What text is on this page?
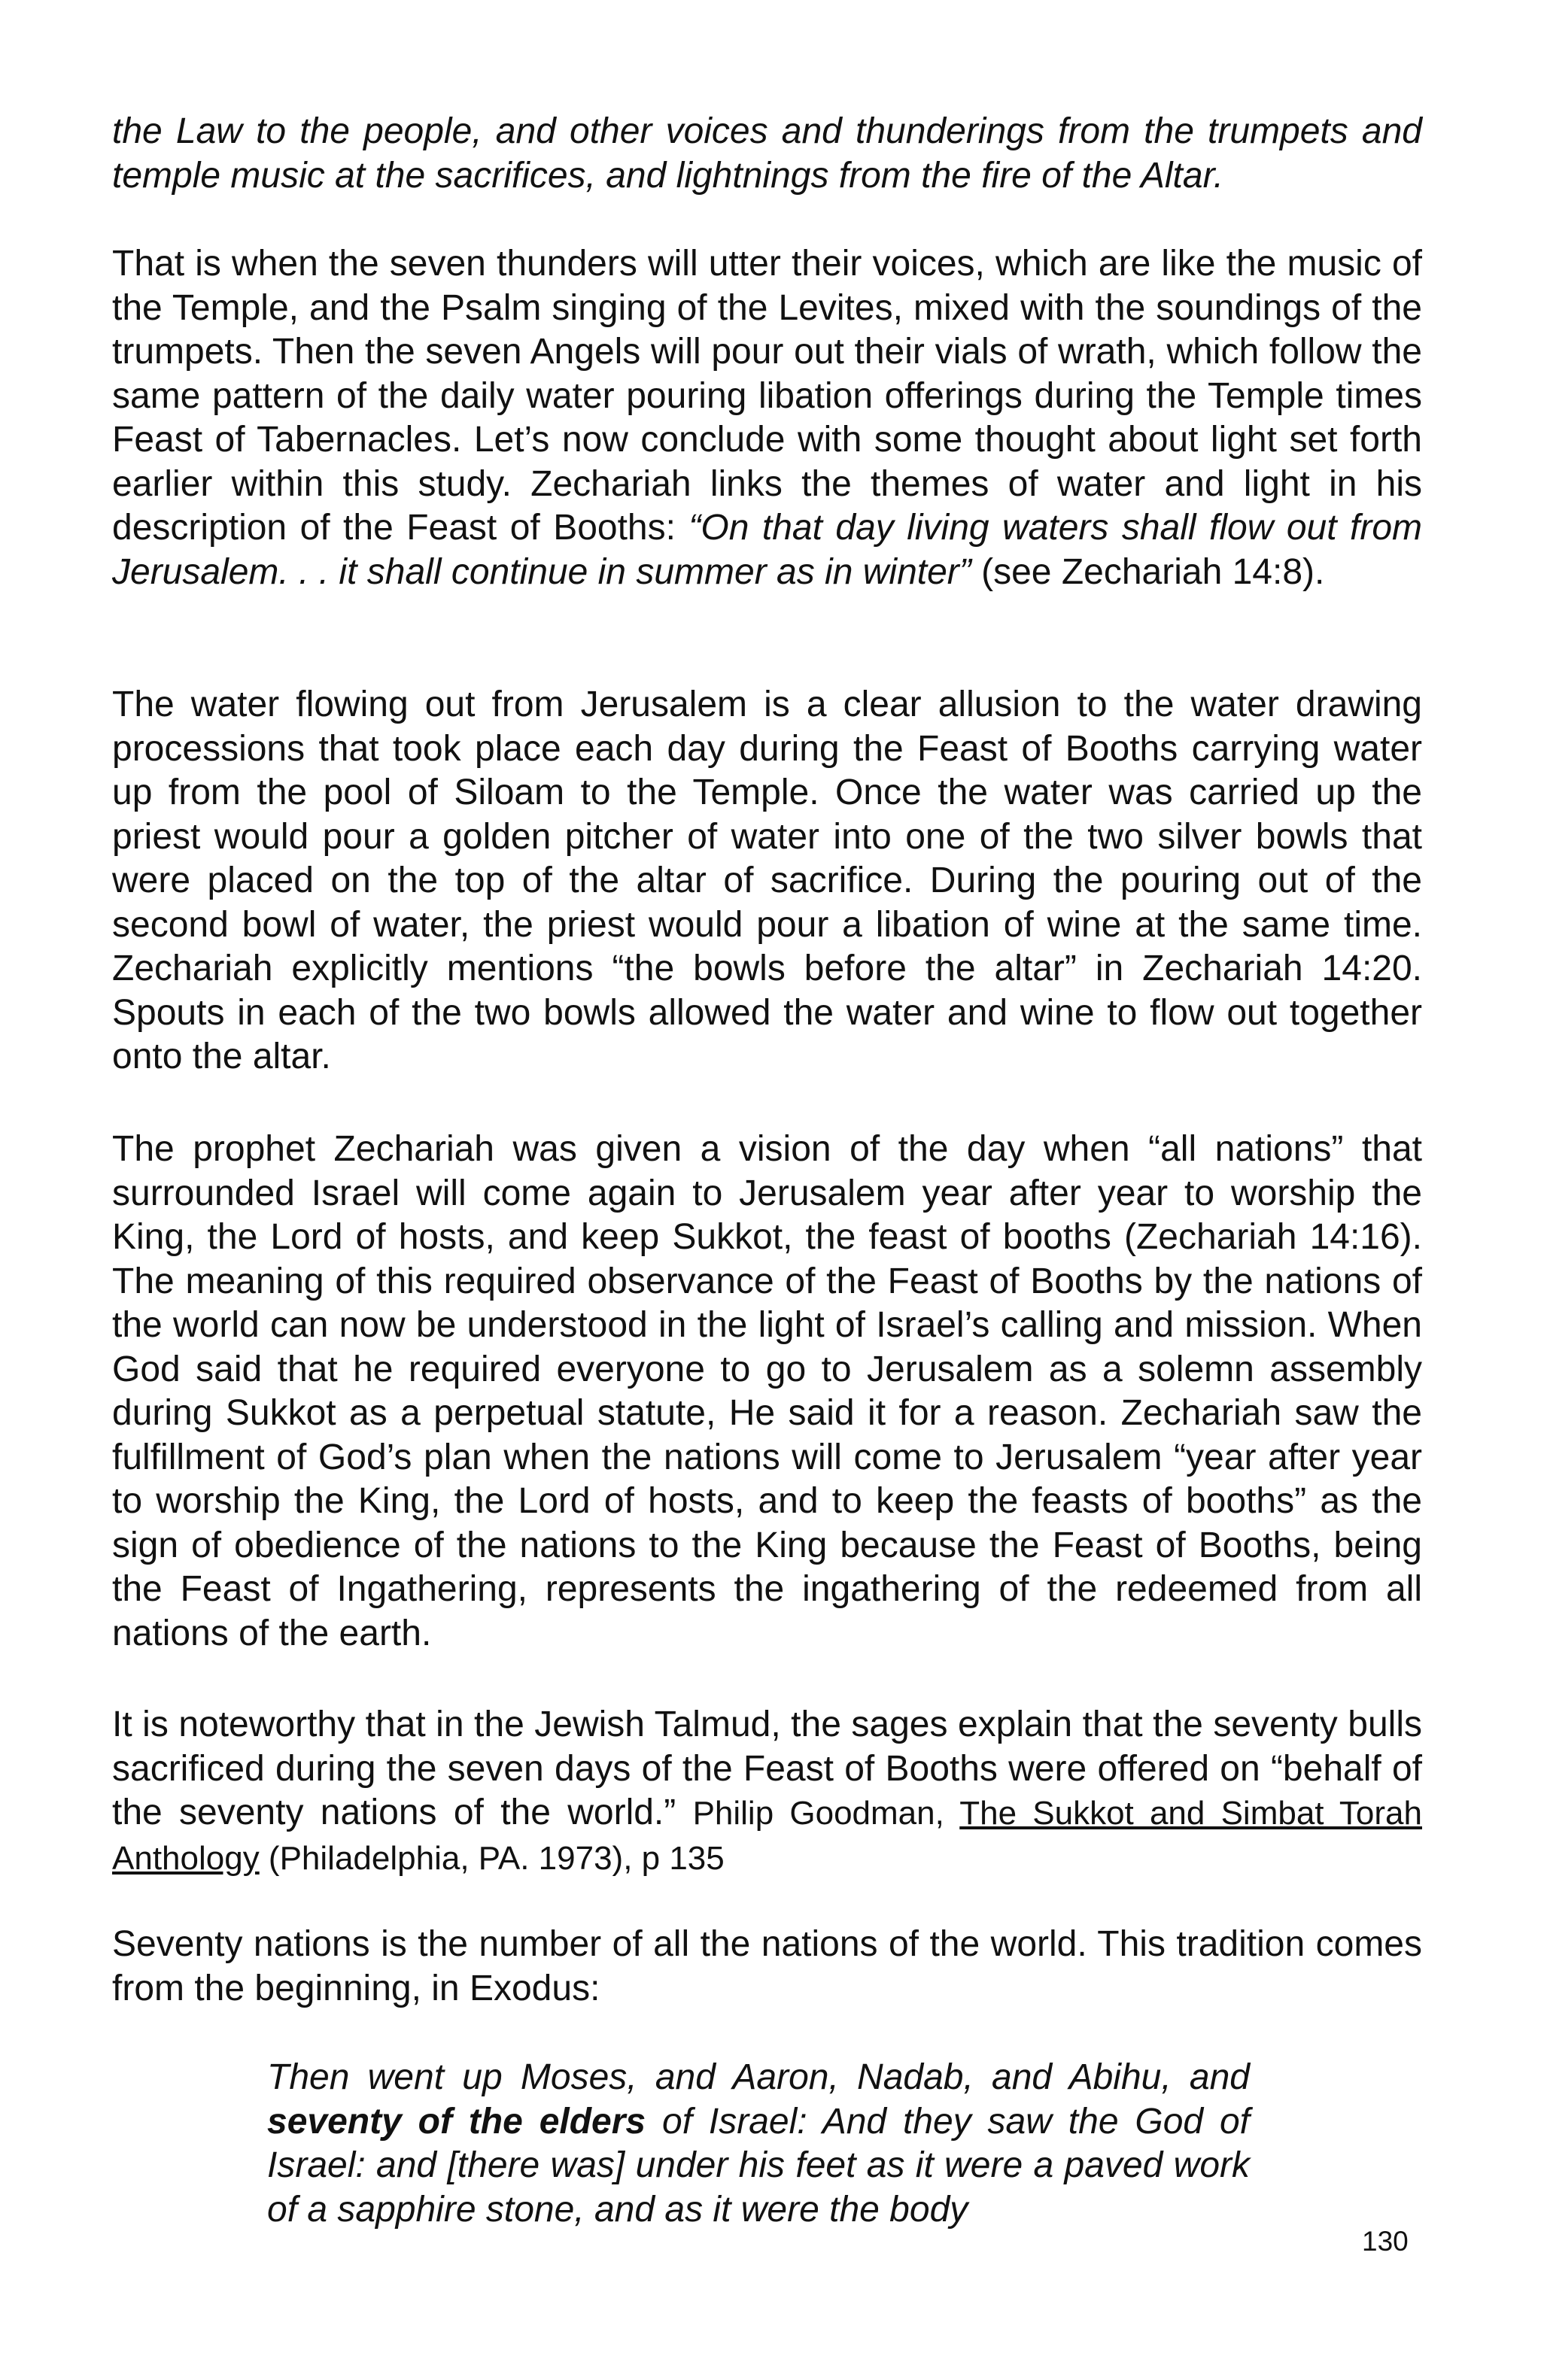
the Law to the people, and other voices and thunderings from the trumpets and temple music at the sacrifices, and lightnings from the fire of the Altar.

That is when the seven thunders will utter their voices, which are like the music of the Temple, and the Psalm singing of the Levites, mixed with the soundings of the trumpets. Then the seven Angels will pour out their vials of wrath, which follow the same pattern of the daily water pouring libation offerings during the Temple times Feast of Tabernacles. Let’s now conclude with some thought about light set forth earlier within this study. Zechariah links the themes of water and light in his description of the Feast of Booths: “On that day living waters shall flow out from Jerusalem. . . it shall continue in summer as in winter” (see Zechariah 14:8).

The water flowing out from Jerusalem is a clear allusion to the water drawing processions that took place each day during the Feast of Booths carrying water up from the pool of Siloam to the Temple. Once the water was carried up the priest would pour a golden pitcher of water into one of the two silver bowls that were placed on the top of the altar of sacrifice. During the pouring out of the second bowl of water, the priest would pour a libation of wine at the same time. Zechariah explicitly mentions “the bowls before the altar” in Zechariah 14:20. Spouts in each of the two bowls allowed the water and wine to flow out together onto the altar.

The prophet Zechariah was given a vision of the day when “all nations” that surrounded Israel will come again to Jerusalem year after year to worship the King, the Lord of hosts, and keep Sukkot, the feast of booths (Zechariah 14:16). The meaning of this required observance of the Feast of Booths by the nations of the world can now be understood in the light of Israel’s calling and mission. When God said that he required everyone to go to Jerusalem as a solemn assembly during Sukkot as a perpetual statute, He said it for a reason. Zechariah saw the fulfillment of God’s plan when the nations will come to Jerusalem “year after year to worship the King, the Lord of hosts, and to keep the feasts of booths” as the sign of obedience of the nations to the King because the Feast of Booths, being the Feast of Ingathering, represents the ingathering of the redeemed from all nations of the earth.

It is noteworthy that in the Jewish Talmud, the sages explain that the seventy bulls sacrificed during the seven days of the Feast of Booths were offered on “behalf of the seventy nations of the world.” Philip Goodman, The Sukkot and Simbat Torah Anthology (Philadelphia, PA. 1973), p 135

Seventy nations is the number of all the nations of the world. This tradition comes from the beginning, in Exodus:

Then went up Moses, and Aaron, Nadab, and Abihu, and seventy of the elders of Israel: And they saw the God of Israel: and [there was] under his feet as it were a paved work of a sapphire stone, and as it were the body

130
